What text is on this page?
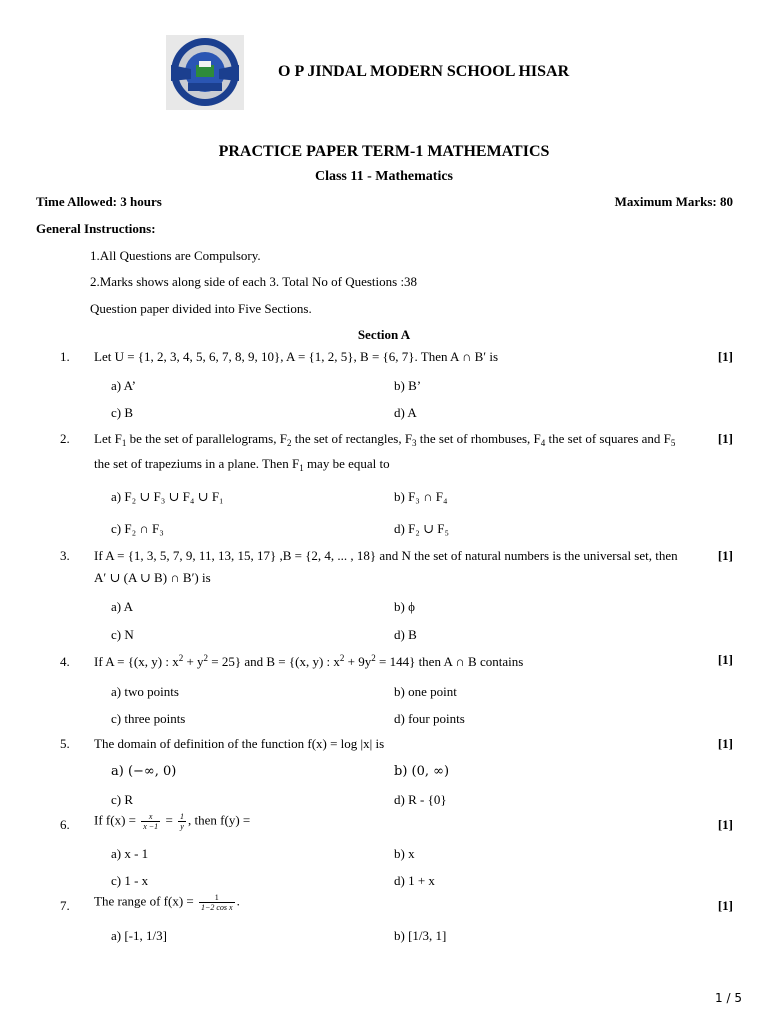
O P JINDAL MODERN SCHOOL HISAR
PRACTICE PAPER TERM-1 MATHEMATICS
Class 11 - Mathematics
Time Allowed: 3 hours	Maximum Marks: 80
General Instructions:
1.All Questions are Compulsory.
2.Marks shows along side of each 3. Total No of Questions :38
Question paper divided into Five Sections.
Section A
1. Let U = {1, 2, 3, 4, 5, 6, 7, 8, 9, 10}, A = {1, 2, 5}, B = {6, 7}. Then A ∩ B′ is	[1]
a) A’	b) B’
c) B	d) A
2. Let $F_1$ be the set of parallelograms, $F_2$ the set of rectangles, $F_3$ the set of rhombuses, $F_4$ the set of squares and $F_5$	[1]
the set of trapeziums in a plane. Then $F_1$ may be equal to
a) F₂ ∪ F₃ ∪ F₄ ∪ F₁	b) F₃ ∩ F₄
c) F₂ ∩ F₃	d) F₂ ∪ F₅
3. If A = {1, 3, 5, 7, 9, 11, 13, 15, 17} ,B = {2, 4, ... , 18} and N the set of natural numbers is the universal set, then	[1]
A′ ∪ (A ∪ B) ∩ B′) is
a) A	b) ϕ
c) N	d) B
4. If A = {(x, y) : $x^2 + y^2 = 25$} and B = {(x, y) : $x^2 + 9y^2 = 144$} then A ∩ B contains	[1]
a) two points	b) one point
c) three points	d) four points
5. The domain of definition of the function f(x) = log |x| is	[1]
a) (−∞, 0)	b) (0, ∞)
c) R	d) R - {0}
6. If $f(x) = \frac{x}{x -1} = \frac{1}{y}$ , then f(y) =	[1]
a) x - 1	b) x
c) 1 - x	d) 1 + x
7. The range of $f(x) = \frac{1}{\text{1−2 cos x}}$ .	[1]
a) [-1, 1/3]	b) [1/3, 1]
1 / 5
